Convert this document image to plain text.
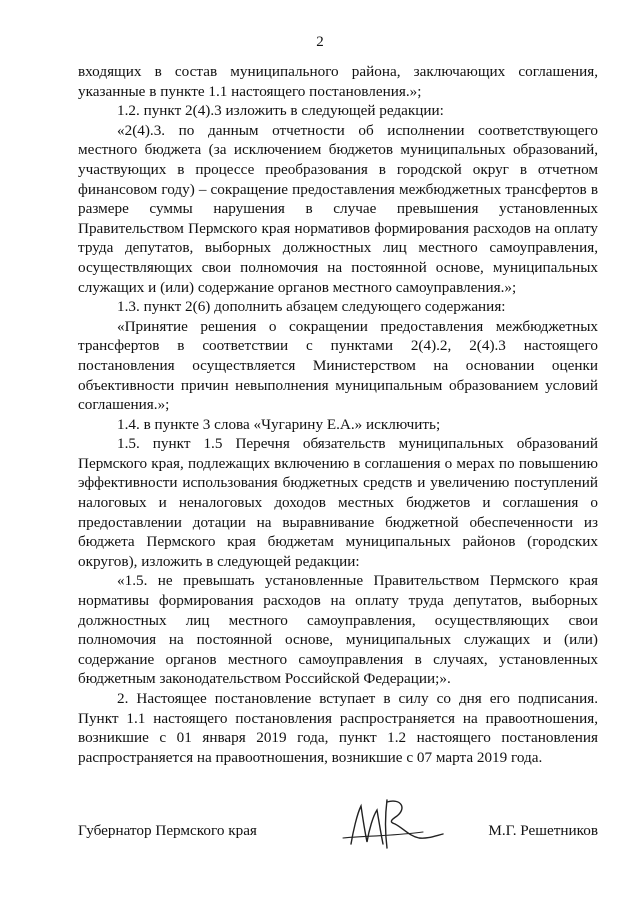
2

входящих в состав муниципального района, заключающих соглашения, указанные в пункте 1.1 настоящего постановления.»;

1.2. пункт 2(4).3 изложить в следующей редакции:

«2(4).3. по данным отчетности об исполнении соответствующего местного бюджета (за исключением бюджетов муниципальных образований, участвующих в процессе преобразования в городской округ в отчетном финансовом году) – сокращение предоставления межбюджетных трансфертов в размере суммы нарушения в случае превышения установленных Правительством Пермского края нормативов формирования расходов на оплату труда депутатов, выборных должностных лиц местного самоуправления, осуществляющих свои полномочия на постоянной основе, муниципальных служащих и (или) содержание органов местного самоуправления.»;

1.3. пункт 2(6) дополнить абзацем следующего содержания:

«Принятие решения о сокращении предоставления межбюджетных трансфертов в соответствии с пунктами 2(4).2, 2(4).3 настоящего постановления осуществляется Министерством на основании оценки объективности причин невыполнения муниципальным образованием условий соглашения.»;

1.4. в пункте 3 слова «Чугарину Е.А.» исключить;

1.5. пункт 1.5 Перечня обязательств муниципальных образований Пермского края, подлежащих включению в соглашения о мерах по повышению эффективности использования бюджетных средств и увеличению поступлений налоговых и неналоговых доходов местных бюджетов и соглашения о предоставлении дотации на выравнивание бюджетной обеспеченности из бюджета Пермского края бюджетам муниципальных районов (городских округов), изложить в следующей редакции:

«1.5. не превышать установленные Правительством Пермского края нормативы формирования расходов на оплату труда депутатов, выборных должностных лиц местного самоуправления, осуществляющих свои полномочия на постоянной основе, муниципальных служащих и (или) содержание органов местного самоуправления в случаях, установленных бюджетным законодательством Российской Федерации;».

2. Настоящее постановление вступает в силу со дня его подписания. Пункт 1.1 настоящего постановления распространяется на правоотношения, возникшие с 01 января 2019 года, пункт 1.2 настоящего постановления распространяется на правоотношения, возникшие с 07 марта 2019 года.

Губернатор Пермского края	М.Г. Решетников
